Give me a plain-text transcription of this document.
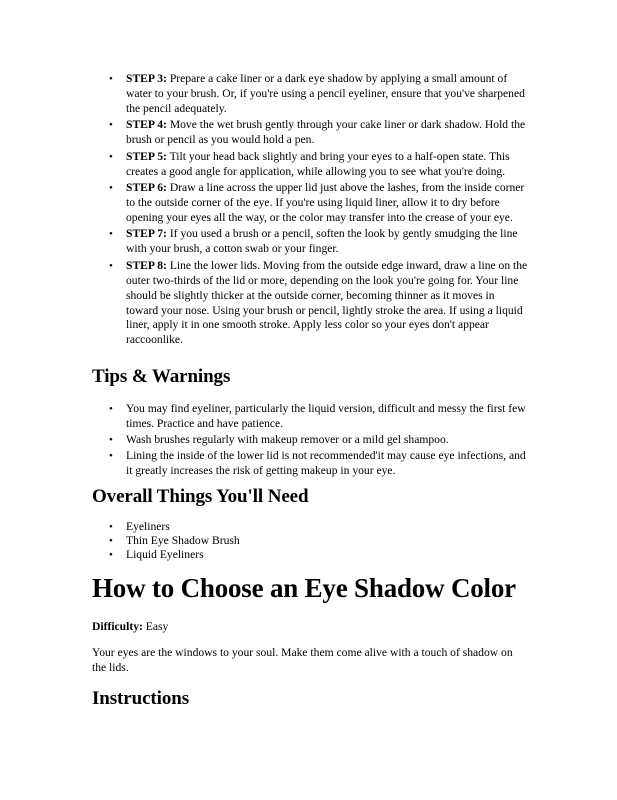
• STEP 3: Prepare a cake liner or a dark eye shadow by applying a small amount of water to your brush. Or, if you're using a pencil eyeliner, ensure that you've sharpened the pencil adequately.
• STEP 4: Move the wet brush gently through your cake liner or dark shadow. Hold the brush or pencil as you would hold a pen.
• STEP 5: Tilt your head back slightly and bring your eyes to a half-open state. This creates a good angle for application, while allowing you to see what you're doing.
• STEP 6: Draw a line across the upper lid just above the lashes, from the inside corner to the outside corner of the eye. If you're using liquid liner, allow it to dry before opening your eyes all the way, or the color may transfer into the crease of your eye.
• STEP 7: If you used a brush or a pencil, soften the look by gently smudging the line with your brush, a cotton swab or your finger.
• STEP 8: Line the lower lids. Moving from the outside edge inward, draw a line on the outer two-thirds of the lid or more, depending on the look you're going for. Your line should be slightly thicker at the outside corner, becoming thinner as it moves in toward your nose. Using your brush or pencil, lightly stroke the area. If using a liquid liner, apply it in one smooth stroke. Apply less color so your eyes don't appear raccoonlike.
Tips & Warnings
• You may find eyeliner, particularly the liquid version, difficult and messy the first few times. Practice and have patience.
• Wash brushes regularly with makeup remover or a mild gel shampoo.
• Lining the inside of the lower lid is not recommended'it may cause eye infections, and it greatly increases the risk of getting makeup in your eye.
Overall Things You'll Need
• Eyeliners
• Thin Eye Shadow Brush
• Liquid Eyeliners
How to Choose an Eye Shadow Color
Difficulty: Easy

Your eyes are the windows to your soul. Make them come alive with a touch of shadow on the lids.

Instructions
